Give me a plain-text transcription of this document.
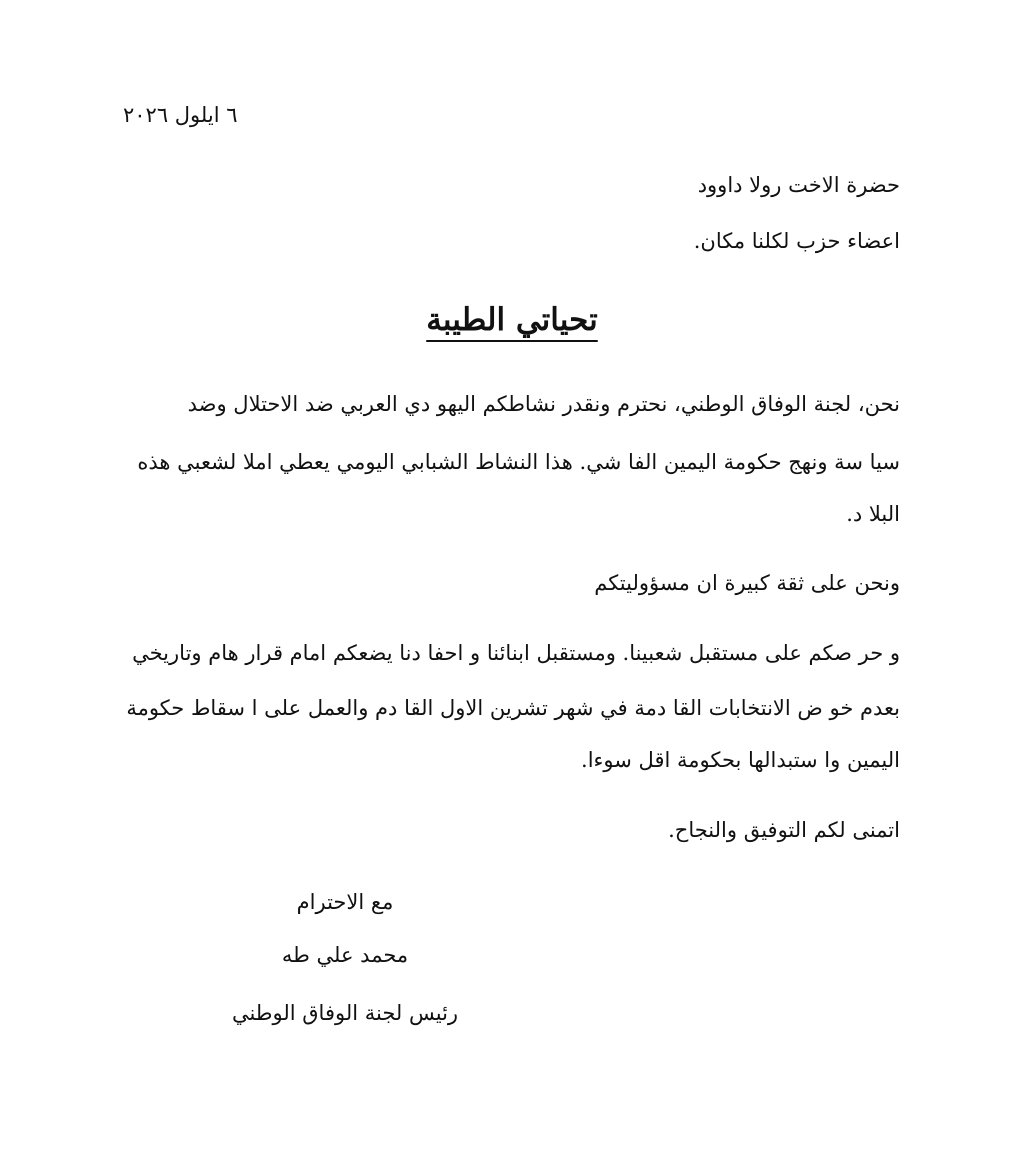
٦ ايلول ٢٠٢٦
حضرة الاخت رولا داوود
اعضاء حزب لكلنا مكان.
تحياتي الطيبة
نحن، لجنة الوفاق الوطني، نحترم ونقدر نشاطكم اليهو دي العربي ضد الاحتلال وضد
سيا سة ونهج حكومة اليمين الفا شي. هذا النشاط الشبابي اليومي يعطي املا لشعبي هذه
البلا د.
ونحن على ثقة كبيرة ان مسؤوليتكم
و حر صكم على مستقبل شعبينا. ومستقبل ابنائنا و احفا دنا يضعكم امام قرار هام وتاريخي
بعدم خو ض الانتخابات القا دمة في شهر تشرين الاول القا دم والعمل على ا سقاط حكومة
اليمين وا ستبدالها بحكومة اقل سوءا.
اتمنى لكم التوفيق والنجاح.
مع الاحترام
محمد علي طه
رئيس لجنة الوفاق الوطني
